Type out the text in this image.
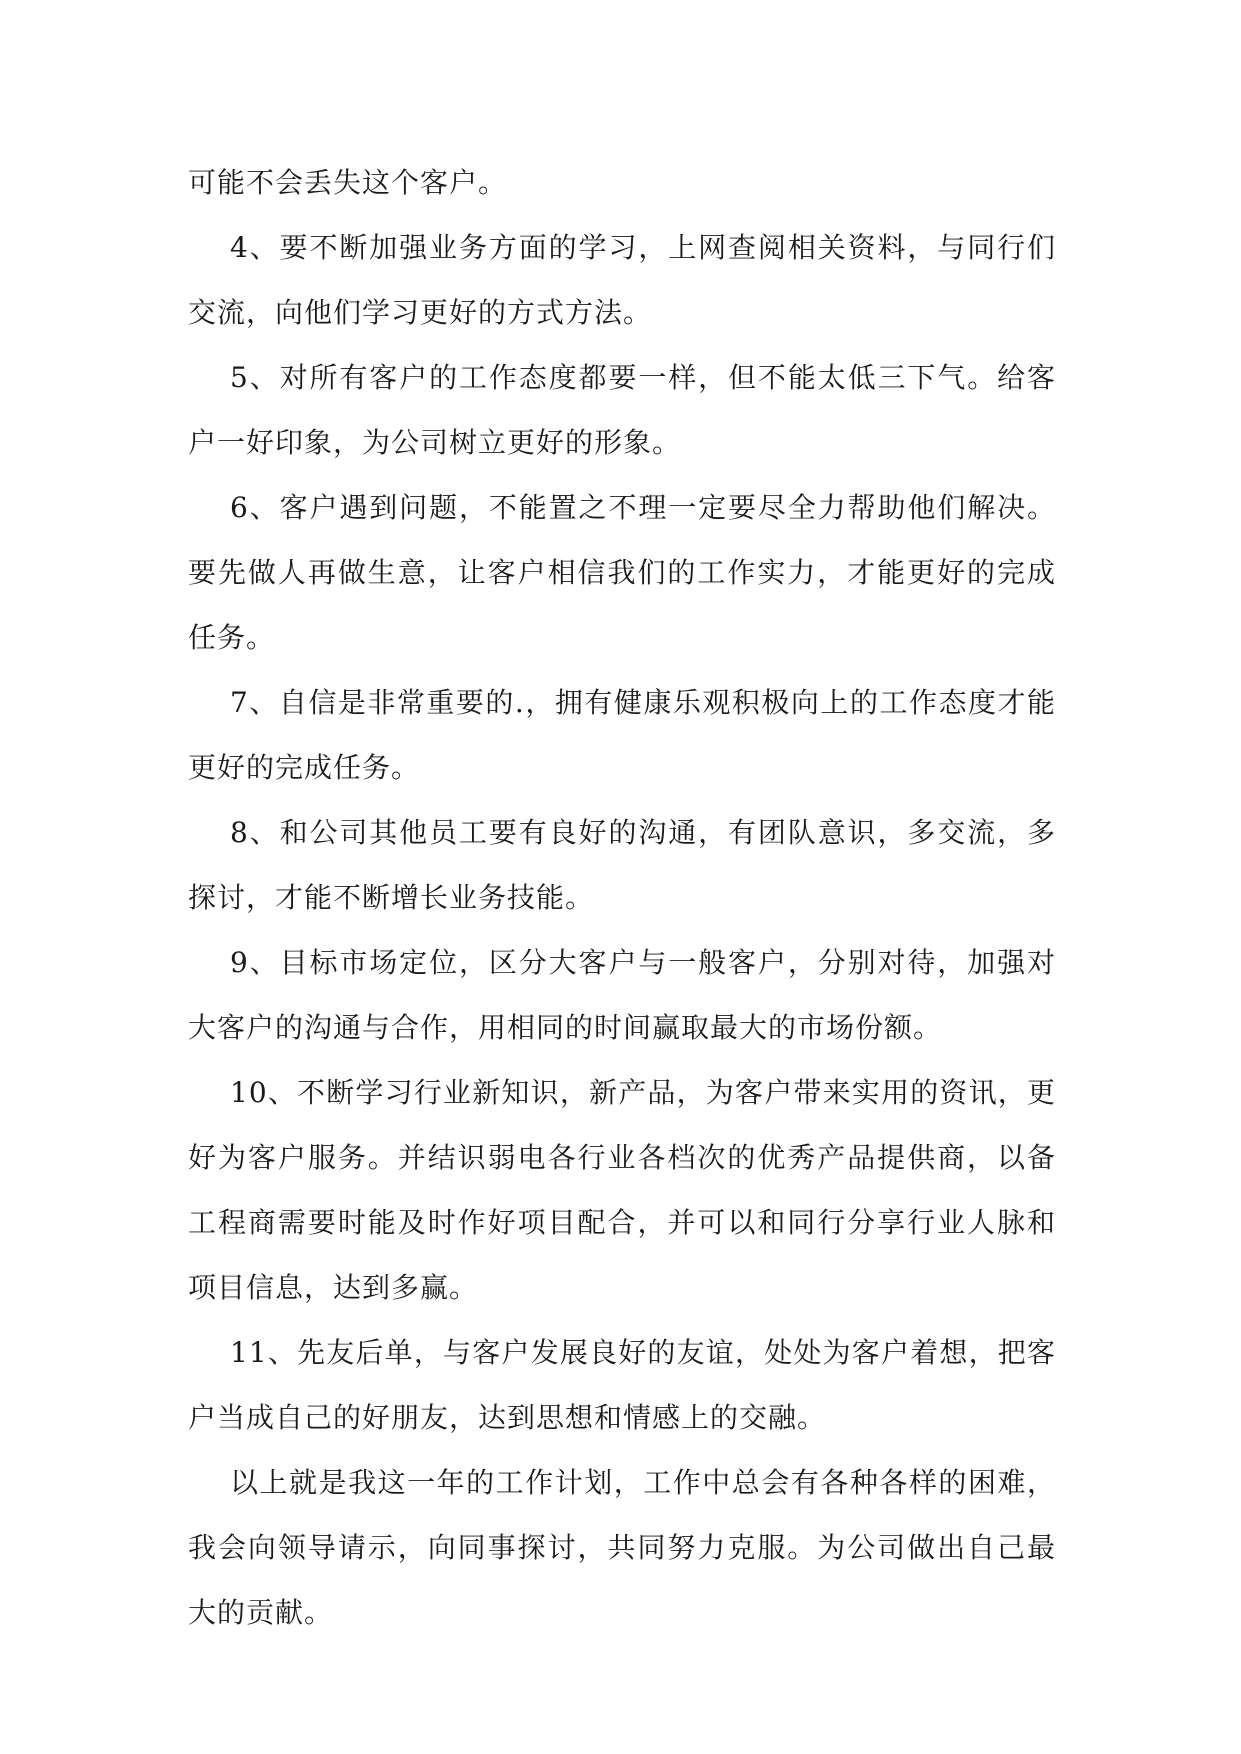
可能不会丢失这个客户。

4、要不断加强业务方面的学习，上网查阅相关资料，与同行们交流，向他们学习更好的方式方法。

5、对所有客户的工作态度都要一样，但不能太低三下气。给客户一好印象，为公司树立更好的形象。

6、客户遇到问题，不能置之不理一定要尽全力帮助他们解决。要先做人再做生意，让客户相信我们的工作实力，才能更好的完成任务。

7、自信是非常重要的.，拥有健康乐观积极向上的工作态度才能更好的完成任务。

8、和公司其他员工要有良好的沟通，有团队意识，多交流，多探讨，才能不断增长业务技能。

9、目标市场定位，区分大客户与一般客户，分别对待，加强对大客户的沟通与合作，用相同的时间赢取最大的市场份额。

10、不断学习行业新知识，新产品，为客户带来实用的资讯，更好为客户服务。并结识弱电各行业各档次的优秀产品提供商，以备工程商需要时能及时作好项目配合，并可以和同行分享行业人脉和项目信息，达到多赢。

11、先友后单，与客户发展良好的友谊，处处为客户着想，把客户当成自己的好朋友，达到思想和情感上的交融。

以上就是我这一年的工作计划，工作中总会有各种各样的困难，我会向领导请示，向同事探讨，共同努力克服。为公司做出自己最大的贡献。
